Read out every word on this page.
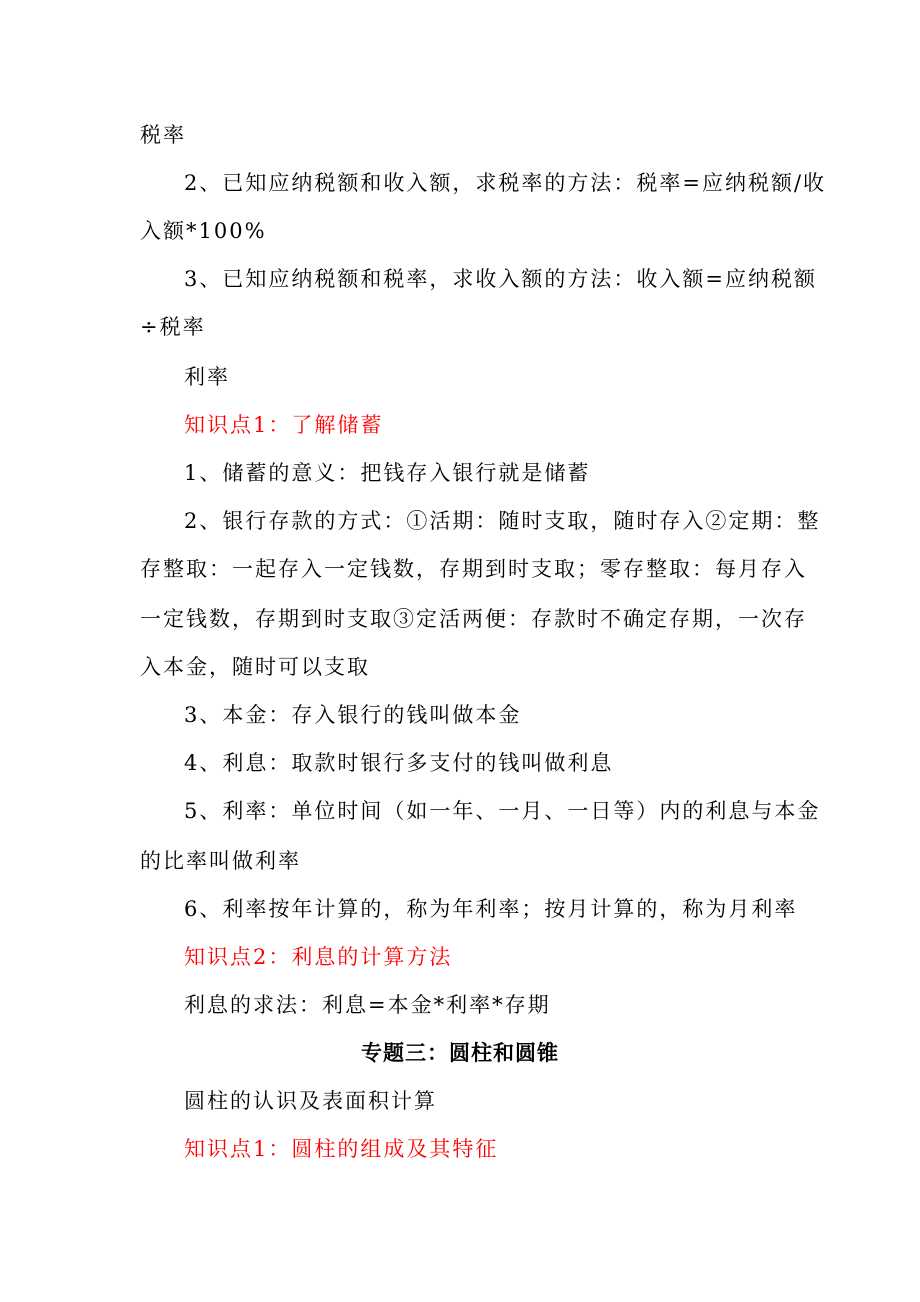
税率
2、已知应纳税额和收入额，求税率的方法：税率=应纳税额/收
入额*100%
3、已知应纳税额和税率，求收入额的方法：收入额=应纳税额
÷税率
利率
知识点1：了解储蓄
1、储蓄的意义：把钱存入银行就是储蓄
2、银行存款的方式：①活期：随时支取，随时存入②定期：整
存整取：一起存入一定钱数，存期到时支取；零存整取：每月存入
一定钱数，存期到时支取③定活两便：存款时不确定存期，一次存
入本金，随时可以支取
3、本金：存入银行的钱叫做本金
4、利息：取款时银行多支付的钱叫做利息
5、利率：单位时间（如一年、一月、一日等）内的利息与本金
的比率叫做利率
6、利率按年计算的，称为年利率；按月计算的，称为月利率
知识点2：利息的计算方法
利息的求法：利息=本金*利率*存期
专题三：圆柱和圆锥
圆柱的认识及表面积计算
知识点1：圆柱的组成及其特征
